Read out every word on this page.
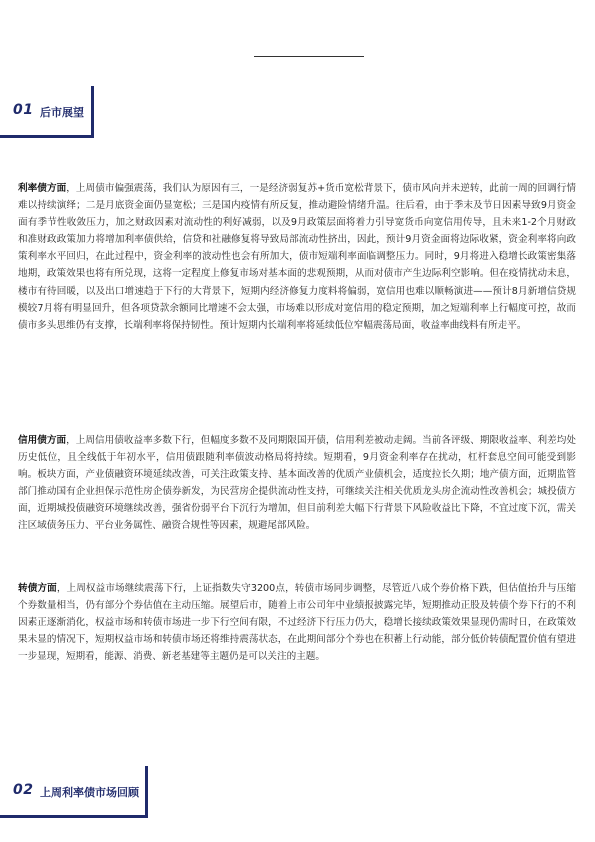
01 后市展望

利率债方面，上周债市偏强震荡，我们认为原因有三，一是经济弱复苏+货币宽松背景下，债市风向并未逆转，此前一周的回调行情难以持续演绎；二是月底资金面仍显宽松；三是国内疫情有所反复，推动避险情绪升温。往后看，由于季末及节日因素导致9月资金面有季节性收敛压力，加之财政因素对流动性的利好减弱，以及9月政策层面将着力引导宽货币向宽信用传导，且未来1-2个月财政和准财政政策加力将增加利率债供给，信贷和社融修复将导致局部流动性挤出，因此，预计9月资金面将边际收紧，资金利率将向政策利率水平回归，在此过程中，资金利率的波动性也会有所加大，债市短端利率面临调整压力。同时，9月将进入稳增长政策密集落地期，政策效果也将有所兑现，这将一定程度上修复市场对基本面的悲观预期，从而对债市产生边际利空影响。但在疫情扰动未息，楼市有待回暖，以及出口增速趋于下行的大背景下，短期内经济修复力度料将偏弱，宽信用也难以顺畅演进——预计8月新增信贷规模较7月将有明显回升，但各项贷款余额同比增速不会太强，市场难以形成对宽信用的稳定预期，加之短端利率上行幅度可控，故而债市多头思维仍有支撑，长端利率将保持韧性。预计短期内长端利率将延续低位窄幅震荡局面，收益率曲线料有所走平。

信用债方面，上周信用债收益率多数下行，但幅度多数不及同期限国开债，信用利差被动走阔。当前各评级、期限收益率、利差均处历史低位，且全线低于年初水平，信用债跟随利率债波动格局将持续。短期看，9月资金利率存在扰动，杠杆套息空间可能受到影响。板块方面，产业债融资环境延续改善，可关注政策支持、基本面改善的优质产业债机会，适度拉长久期；地产债方面，近期监管部门推动国有企业担保示范性房企债券新发，为民营房企提供流动性支持，可继续关注相关优质龙头房企流动性改善机会；城投债方面，近期城投债融资环境继续改善，强省份弱平台下沉行为增加，但目前利差大幅下行背景下风险收益比下降，不宜过度下沉，需关注区域债务压力、平台业务属性、融资合规性等因素，规避尾部风险。

转债方面，上周权益市场继续震荡下行，上证指数失守3200点，转债市场同步调整，尽管近八成个券价格下跌，但估值抬升与压缩个券数量相当，仍有部分个券估值在主动压缩。展望后市，随着上市公司年中业绩报披露完毕，短期推动正股及转债个券下行的不利因素正逐渐消化，权益市场和转债市场进一步下行空间有限，不过经济下行压力仍大，稳增长接续政策效果显现仍需时日，在政策效果未显的情况下，短期权益市场和转债市场还将维持震荡状态，在此期间部分个券也在积蓄上行动能，部分低价转债配置价值有望进一步显现，短期看，能源、消费、新老基建等主题仍是可以关注的主题。

02 上周利率债市场回顾
